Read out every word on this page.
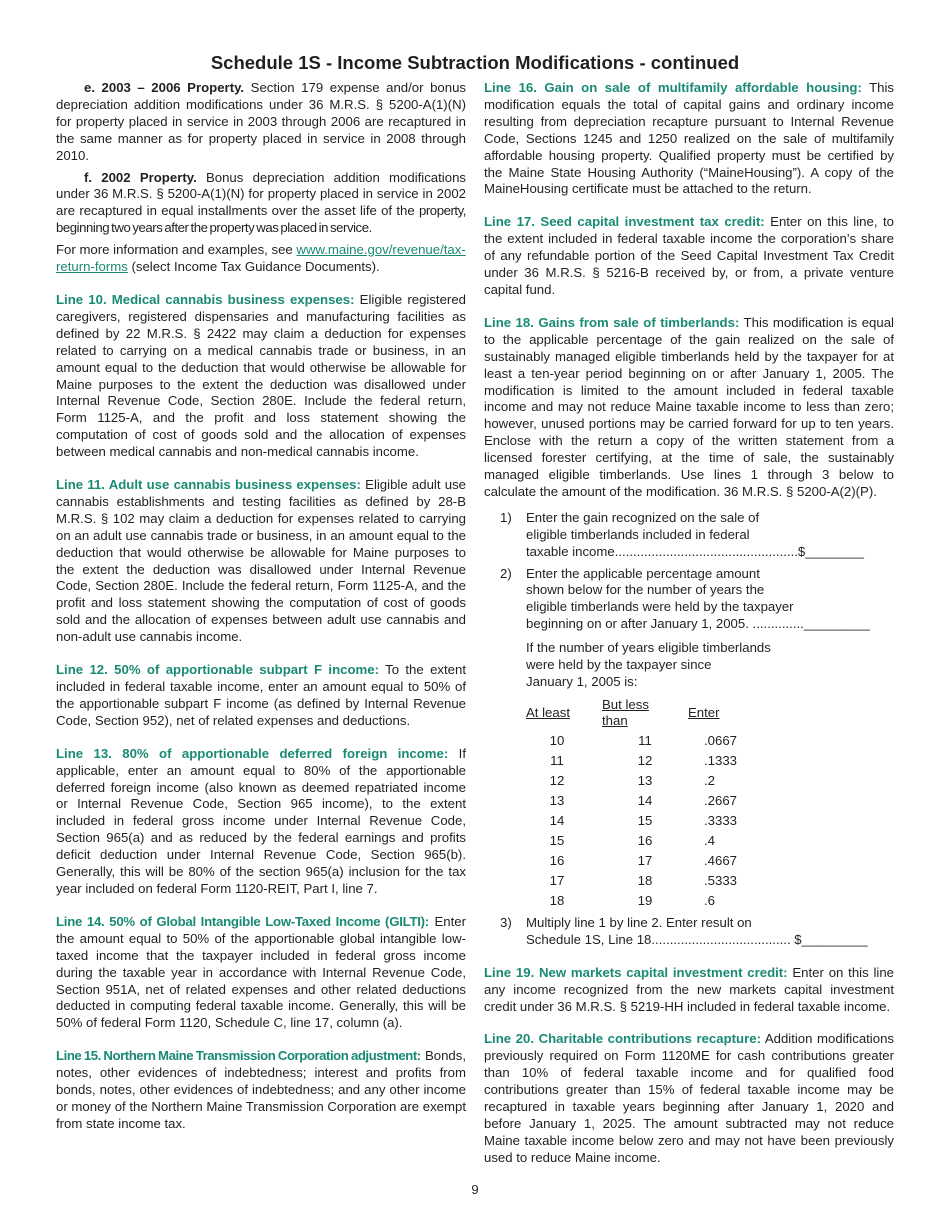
Schedule 1S - Income Subtraction Modifications - continued

e. 2003 – 2006 Property. Section 179 expense and/or bonus depreciation addition modifications under 36 M.R.S. § 5200-A(1)(N) for property placed in service in 2003 through 2006 are recaptured in the same manner as for property placed in service in 2008 through 2010.

f. 2002 Property. Bonus depreciation addition modifications under 36 M.R.S. § 5200-A(1)(N) for property placed in service in 2002 are recaptured in equal installments over the asset life of the property, beginning two years after the property was placed in service.

For more information and examples, see www.maine.gov/revenue/tax-return-forms (select Income Tax Guidance Documents).

Line 10. Medical cannabis business expenses: Eligible registered caregivers, registered dispensaries and manufacturing facilities as defined by 22 M.R.S. § 2422 may claim a deduction for expenses related to carrying on a medical cannabis trade or business, in an amount equal to the deduction that would otherwise be allowable for Maine purposes to the extent the deduction was disallowed under Internal Revenue Code, Section 280E. Include the federal return, Form 1125-A, and the profit and loss statement showing the computation of cost of goods sold and the allocation of expenses between medical cannabis and non-medical cannabis income.

Line 11. Adult use cannabis business expenses: Eligible adult use cannabis establishments and testing facilities as defined by 28-B M.R.S. § 102 may claim a deduction for expenses related to carrying on an adult use cannabis trade or business, in an amount equal to the deduction that would otherwise be allowable for Maine purposes to the extent the deduction was disallowed under Internal Revenue Code, Section 280E. Include the federal return, Form 1125-A, and the profit and loss statement showing the computation of cost of goods sold and the allocation of expenses between adult use cannabis and non-adult use cannabis income.

Line 12. 50% of apportionable subpart F income: To the extent included in federal taxable income, enter an amount equal to 50% of the apportionable subpart F income (as defined by Internal Revenue Code, Section 952), net of related expenses and deductions.

Line 13. 80% of apportionable deferred foreign income: If applicable, enter an amount equal to 80% of the apportionable deferred foreign income (also known as deemed repatriated income or Internal Revenue Code, Section 965 income), to the extent included in federal gross income under Internal Revenue Code, Section 965(a) and as reduced by the federal earnings and profits deficit deduction under Internal Revenue Code, Section 965(b). Generally, this will be 80% of the section 965(a) inclusion for the tax year included on federal Form 1120-REIT, Part I, line 7.

Line 14. 50% of Global Intangible Low-Taxed Income (GILTI): Enter the amount equal to 50% of the apportionable global intangible low-taxed income that the taxpayer included in federal gross income during the taxable year in accordance with Internal Revenue Code, Section 951A, net of related expenses and other related deductions deducted in computing federal taxable income. Generally, this will be 50% of federal Form 1120, Schedule C, line 17, column (a).

Line 15. Northern Maine Transmission Corporation adjustment: Bonds, notes, other evidences of indebtedness; interest and profits from bonds, notes, other evidences of indebtedness; and any other income or money of the Northern Maine Transmission Corporation are exempt from state income tax.

Line 16. Gain on sale of multifamily affordable housing: This modification equals the total of capital gains and ordinary income resulting from depreciation recapture pursuant to Internal Revenue Code, Sections 1245 and 1250 realized on the sale of multifamily affordable housing property. Qualified property must be certified by the Maine State Housing Authority (“MaineHousing”). A copy of the MaineHousing certificate must be attached to the return.

Line 17. Seed capital investment tax credit: Enter on this line, to the extent included in federal taxable income the corporation’s share of any refundable portion of the Seed Capital Investment Tax Credit under 36 M.R.S. § 5216-B received by, or from, a private venture capital fund.

Line 18. Gains from sale of timberlands: This modification is equal to the applicable percentage of the gain realized on the sale of sustainably managed eligible timberlands held by the taxpayer for at least a ten-year period beginning on or after January 1, 2005. The modification is limited to the amount included in federal taxable income and may not reduce Maine taxable income to less than zero; however, unused portions may be carried forward for up to ten years. Enclose with the return a copy of the written statement from a licensed forester certifying, at the time of sale, the sustainably managed eligible timberlands. Use lines 1 through 3 below to calculate the amount of the modification. 36 M.R.S. § 5200-A(2)(P).

1) Enter the gain recognized on the sale of
eligible timberlands included in federal
taxable income..................................................$________
2) Enter the applicable percentage amount
shown below for the number of years the
eligible timberlands were held by the taxpayer
beginning on or after January 1, 2005. .............._________
If the number of years eligible timberlands
were held by the taxpayer since
January 1, 2005 is:
At least	But less than	Enter
10	11	.0667
11	12	.1333
12	13	.2
13	14	.2667
14	15	.3333
15	16	.4
16	17	.4667
17	18	.5333
18	19	.6
3) Multiply line 1 by line 2. Enter result on
Schedule 1S, Line 18...................................... $_________

Line 19. New markets capital investment credit: Enter on this line any income recognized from the new markets capital investment credit under 36 M.R.S. § 5219-HH included in federal taxable income.

Line 20. Charitable contributions recapture: Addition modifications previously required on Form 1120ME for cash contributions greater than 10% of federal taxable income and for qualified food contributions greater than 15% of federal taxable income may be recaptured in taxable years beginning after January 1, 2020 and before January 1, 2025. The amount subtracted may not reduce Maine taxable income below zero and may not have been previously used to reduce Maine income.

9
